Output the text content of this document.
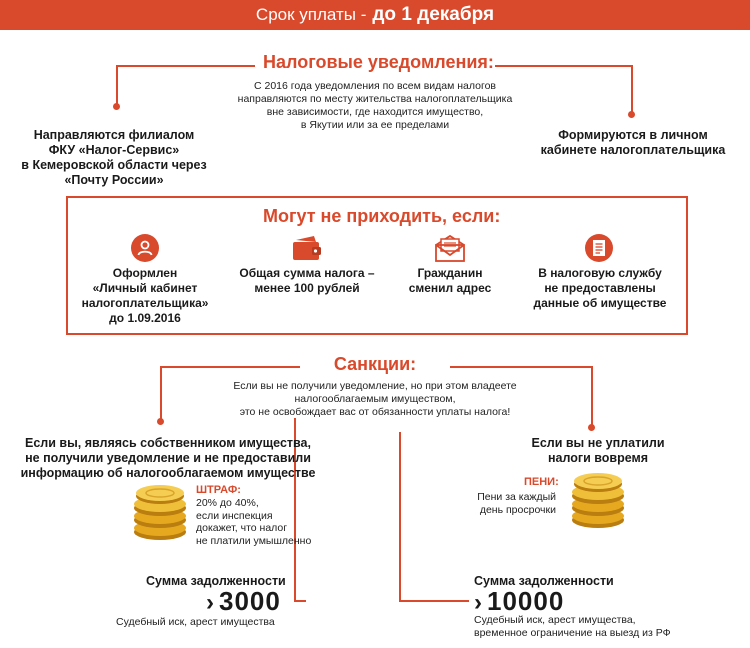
Срок уплаты - до 1 декабря
Налоговые уведомления:
С 2016 года уведомления по всем видам налогов
направляются по месту жительства налогоплательщика
вне зависимости, где находится имущество,
в Якутии или за ее пределами
Направляются филиалом
ФКУ «Налог-Сервис»
в Кемеровской области через
«Почту России»
Формируются в личном
кабинете налогоплательщика
Могут не приходить, если:
Оформлен
«Личный кабинет
налогоплательщика»
до 1.09.2016
Общая сумма налога –
менее 100 рублей
Гражданин
сменил адрес
В налоговую службу
не предоставлены
данные об имуществе
Санкции:
Если вы не получили уведомление, но при этом владеете
налогооблагаемым имуществом,
это не освобождает вас от обязанности уплаты налога!
Если вы, являясь собственником имущества,
не получили уведомление и не предоставили
информацию об налогооблагаемом имуществе
ШТРАФ:
20% до 40%,
если инспекция
докажет, что налог
не платили умышленно
Сумма задолженности
› 3000
Судебный иск, арест имущества
Если вы не уплатили
налоги вовремя
ПЕНИ:
Пени за каждый
день просрочки
Сумма задолженности
› 10000
Судебный иск, арест имущества,
временное ограничение на выезд из РФ
